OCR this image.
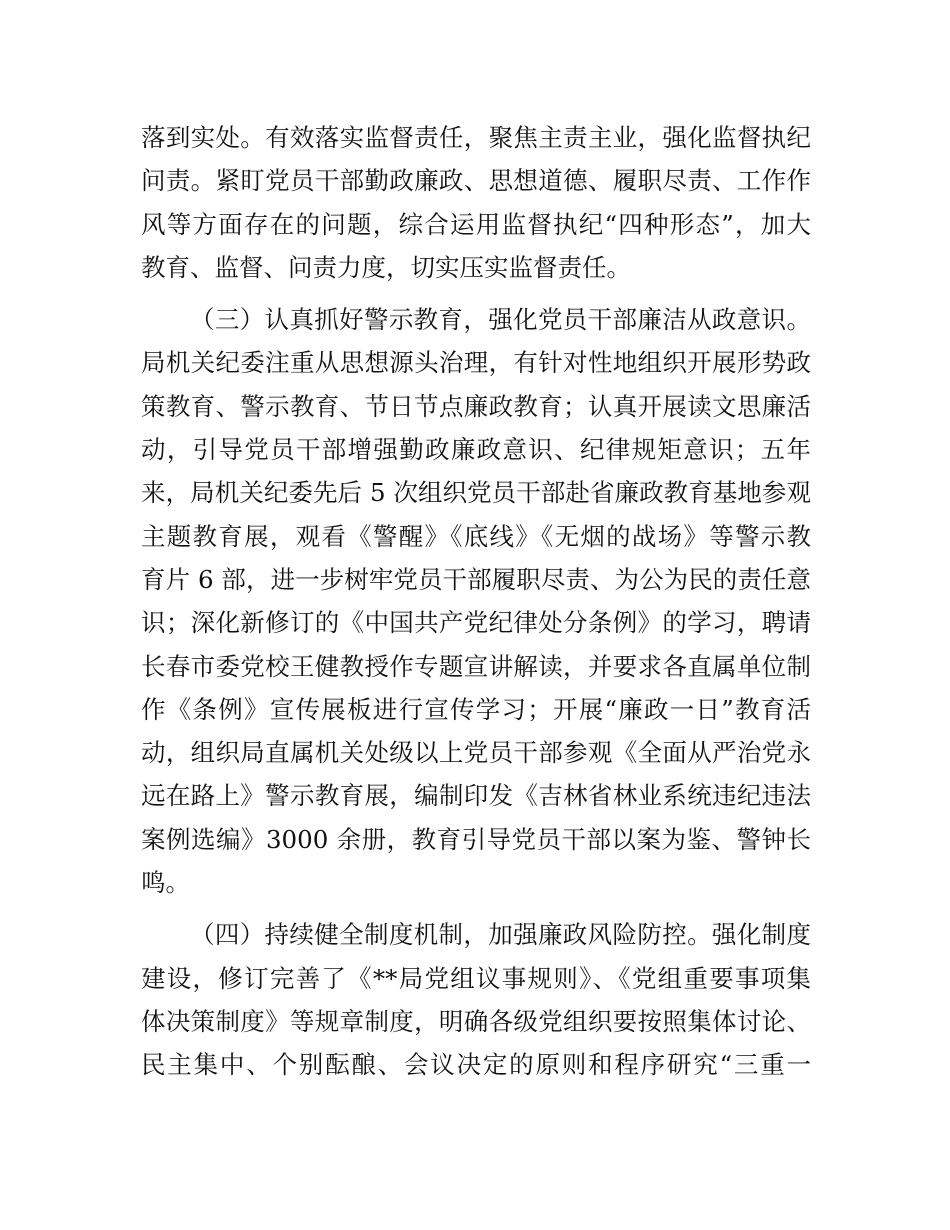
落到实处。有效落实监督责任，聚焦主责主业，强化监督执纪
问责。紧盯党员干部勤政廉政、思想道德、履职尽责、工作作
风等方面存在的问题，综合运用监督执纪“四种形态”，加大
教育、监督、问责力度，切实压实监督责任。
（三）认真抓好警示教育，强化党员干部廉洁从政意识。
局机关纪委注重从思想源头治理，有针对性地组织开展形势政
策教育、警示教育、节日节点廉政教育；认真开展读文思廉活
动，引导党员干部增强勤政廉政意识、纪律规矩意识；五年
来，局机关纪委先后 5 次组织党员干部赴省廉政教育基地参观
主题教育展，观看《警醒》《底线》《无烟的战场》等警示教
育片 6 部，进一步树牢党员干部履职尽责、为公为民的责任意
识；深化新修订的《中国共产党纪律处分条例》的学习，聘请
长春市委党校王健教授作专题宣讲解读，并要求各直属单位制
作《条例》宣传展板进行宣传学习；开展“廉政一日”教育活
动，组织局直属机关处级以上党员干部参观《全面从严治党永
远在路上》警示教育展，编制印发《吉林省林业系统违纪违法
案例选编》3000 余册，教育引导党员干部以案为鉴、警钟长
鸣。
（四）持续健全制度机制，加强廉政风险防控。强化制度
建设，修订完善了《**局党组议事规则》、《党组重要事项集
体决策制度》等规章制度，明确各级党组织要按照集体讨论、
民主集中、个别酝酿、会议决定的原则和程序研究“三重一
